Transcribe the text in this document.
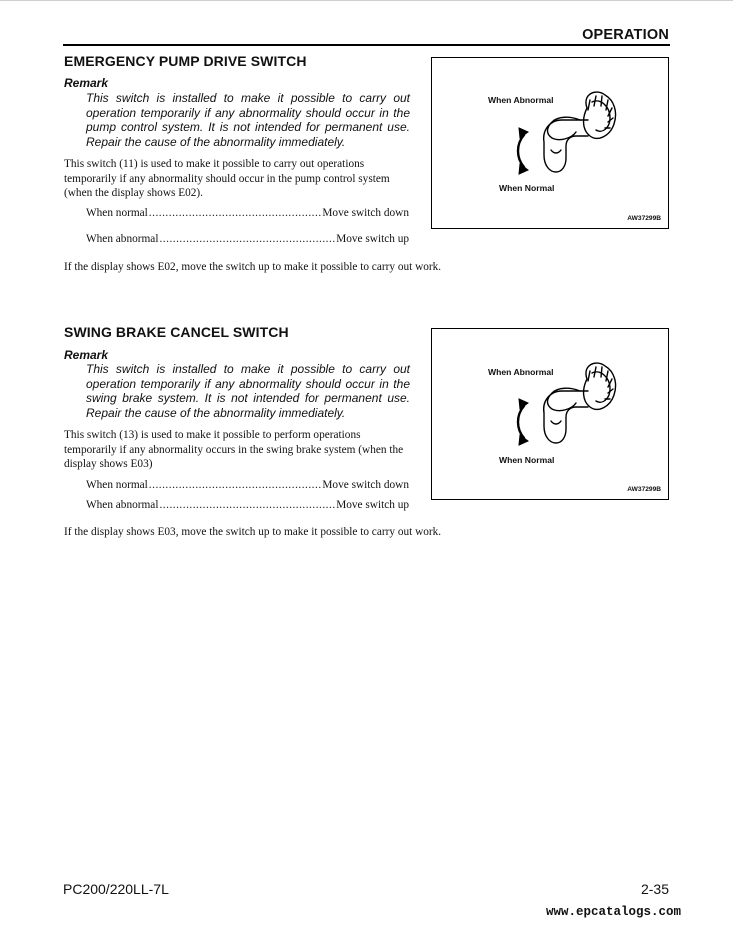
OPERATION
EMERGENCY PUMP DRIVE SWITCH
Remark
This switch is installed to make it possible to carry out operation temporarily if any abnormality should occur in the pump control system. It is not intended for permanent use. Repair the cause of the abnormality immediately.
This switch (11) is used to make it possible to carry out operations temporarily if any abnormality should occur in the pump control system (when the display shows E02).
When normal .....	Move switch down
When abnormal .....	Move switch up
If the display shows E02, move the switch up to make it possible to carry out work.
When Abnormal
When Normal
AW37299B
SWING BRAKE CANCEL SWITCH
Remark
This switch is installed to make it possible to carry out operation temporarily if any abnormality should occur in the swing brake system. It is not intended for permanent use. Repair the cause of the abnormality immediately.
This switch (13) is used to make it possible to perform operations temporarily if any abnormality occurs in the swing brake system (when the display shows E03)
When normal .....	Move switch down
When abnormal .....	Move switch up
If the display shows E03, move the switch up to make it possible to carry out work.
When Abnormal
When Normal
AW37299B
PC200/220LL-7L	2-35
www.epcatalogs.com
